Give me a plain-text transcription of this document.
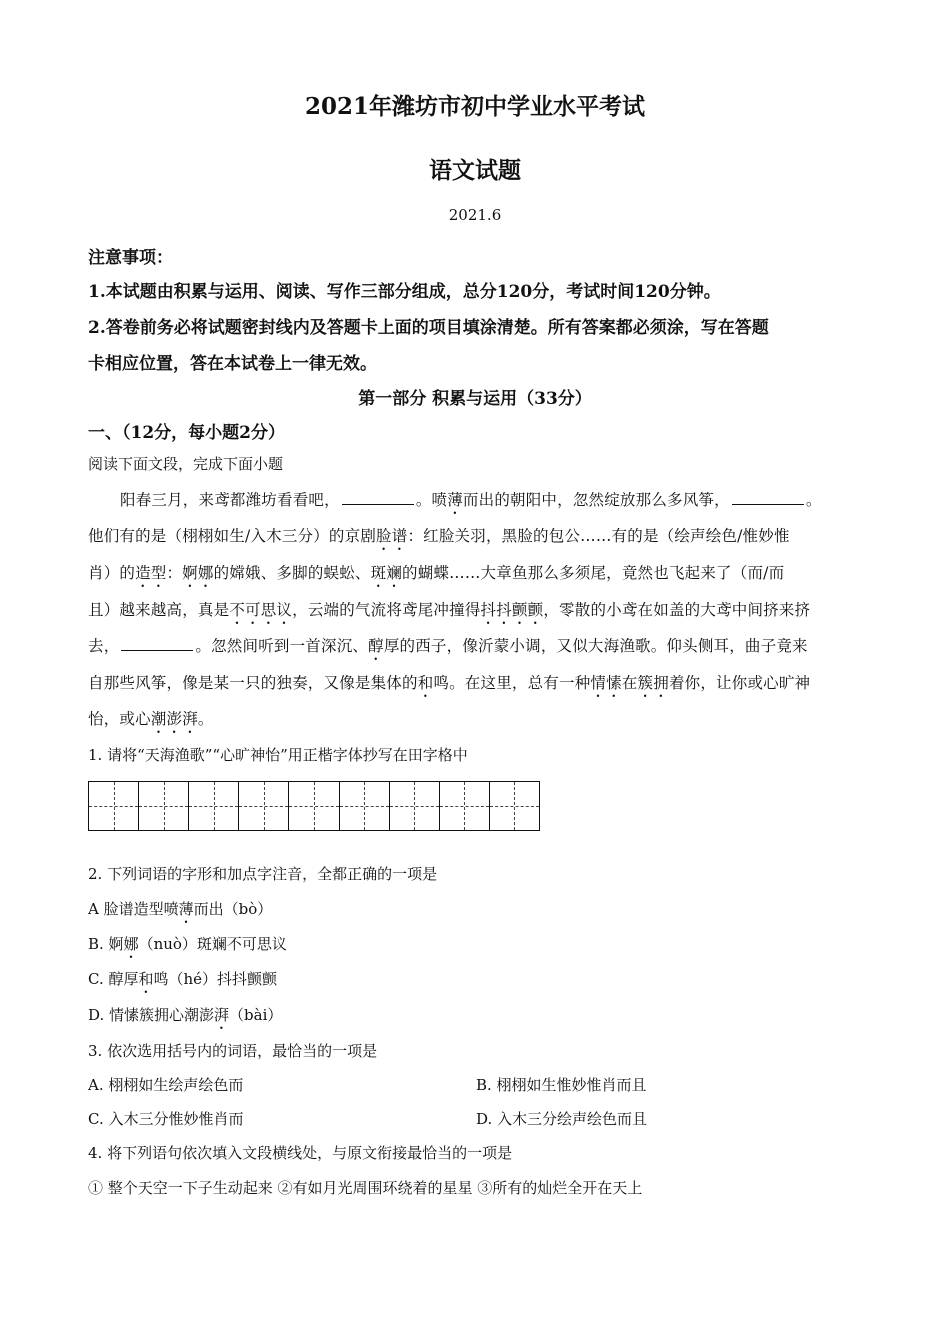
2021年潍坊市初中学业水平考试
语文试题
2021.6
注意事项：
1.本试题由积累与运用、阅读、写作三部分组成，总分120分，考试时间120分钟。
2.答卷前务必将试题密封线内及答题卡上面的项目填涂清楚。所有答案都必须涂，写在答题
卡相应位置，答在本试卷上一律无效。
第一部分 积累与运用（33分）
一、（12分，每小题2分）
阅读下面文段，完成下面小题
阳春三月，来鸢都潍坊看看吧，	。喷薄而出的朝阳中，忽然绽放那么多风筝，	。
他们有的是（栩栩如生/入木三分）的京剧脸谱：红脸关羽，黑脸的包公……有的是（绘声绘色/惟妙惟
肖）的造型：婀娜的嫦娥、多脚的蜈蚣、斑斓的蝴蝶……大章鱼那么多须尾，竟然也飞起来了（而/而
且）越来越高，真是不可思议，云端的气流将鸢尾冲撞得抖抖颤颤，零散的小鸢在如盖的大鸢中间挤来挤
去，	。忽然间听到一首深沉、醇厚的西子，像沂蒙小调，又似大海渔歌。仰头侧耳，曲子竟来
自那些风筝，像是某一只的独奏，又像是集体的和鸣。在这里，总有一种情愫在簇拥着你，让你或心旷神
怡，或心潮澎湃。
1. 请将“天海渔歌”“心旷神怡”用正楷字体抄写在田字格中
2. 下列词语的字形和加点字注音，全都正确的一项是
A 脸谱造型喷薄而出（bò）
B. 婀娜（nuò）斑斓不可思议
C. 醇厚和鸣（hé）抖抖颤颤
D. 情愫簇拥心潮澎湃（bài）
3. 依次选用括号内的词语，最恰当的一项是
A. 栩栩如生绘声绘色而	B. 栩栩如生惟妙惟肖而且
C. 入木三分惟妙惟肖而	D. 入木三分绘声绘色而且
4. 将下列语句依次填入文段横线处，与原文衔接最恰当的一项是
① 整个天空一下子生动起来 ②有如月光周围环绕着的星星 ③所有的灿烂全开在天上
